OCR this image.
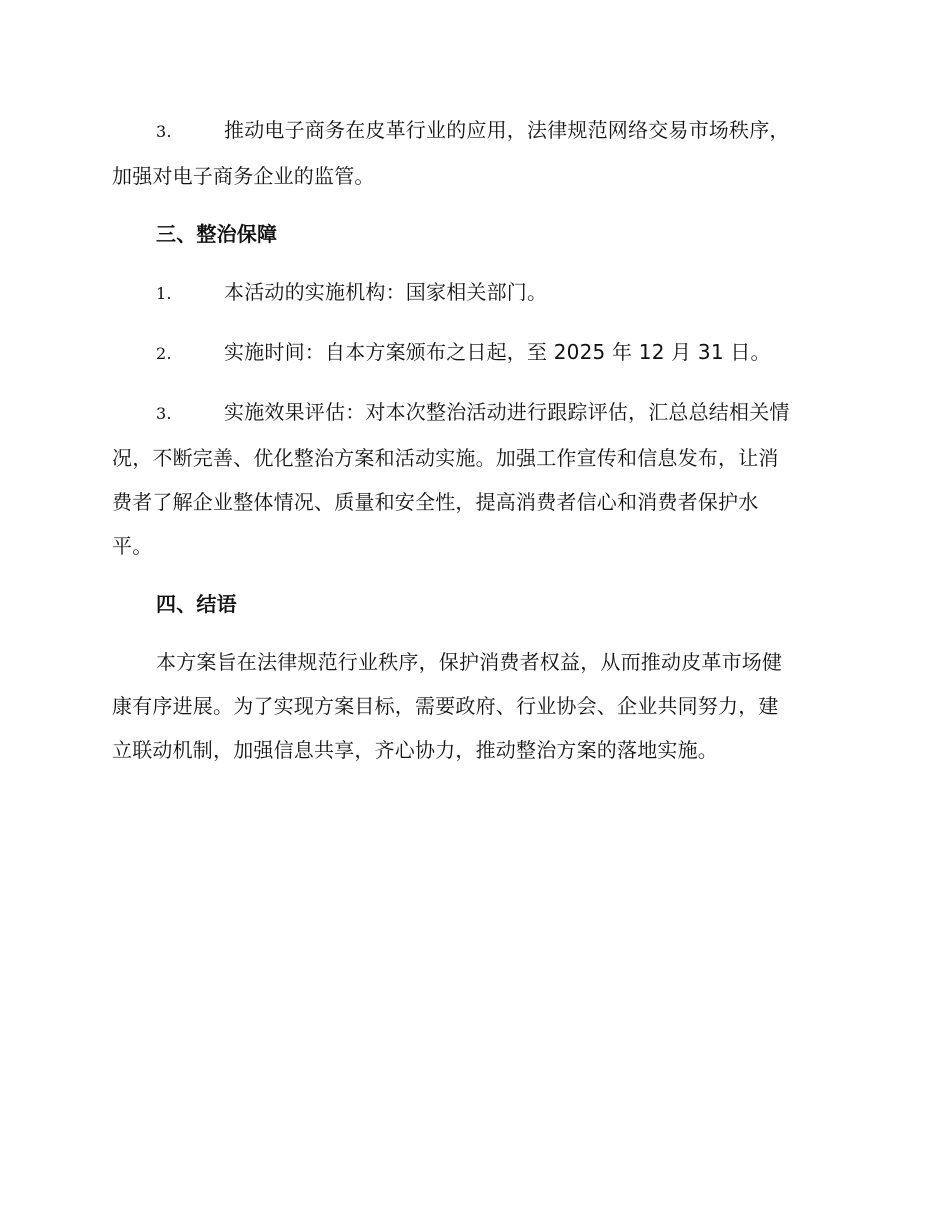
3.	推动电子商务在皮革行业的应用，法律规范网络交易市场秩序，
加强对电子商务企业的监管。
三、整治保障
1.	本活动的实施机构：国家相关部门。
2.	实施时间：自本方案颁布之日起，至 2025 年 12 月 31 日。
3.	实施效果评估：对本次整治活动进行跟踪评估，汇总总结相关情
况，不断完善、优化整治方案和活动实施。加强工作宣传和信息发布，让消
费者了解企业整体情况、质量和安全性，提高消费者信心和消费者保护水
平。
四、结语
本方案旨在法律规范行业秩序，保护消费者权益，从而推动皮革市场健
康有序进展。为了实现方案目标，需要政府、行业协会、企业共同努力，建
立联动机制，加强信息共享，齐心协力，推动整治方案的落地实施。
